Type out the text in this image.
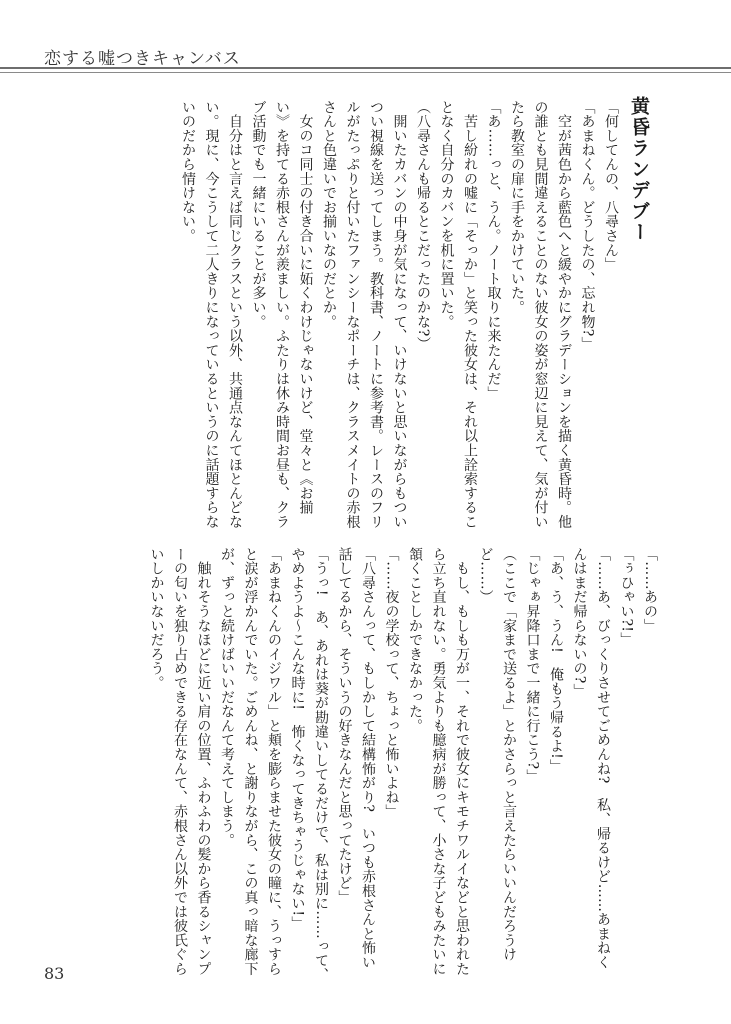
恋する嘘つきキャンバス
黄昏ランデブー

「何してんの、八尋さん」

「あまねくん。どうしたの、忘れ物?」

　空が茜色から藍色へと緩やかにグラデーションを描く黄昏時。他

の誰とも見間違えることのない彼女の姿が窓辺に見えて、気が付い

たら教室の扉に手をかけていた。

「あ……っと、うん。ノート取りに来たんだ」

　苦し紛れの嘘に「そっか」と笑った彼女は、それ以上詮索するこ

となく自分のカバンを机に置いた。

（八尋さんも帰るとこだったのかな?）

　開いたカバンの中身が気になって、いけないと思いながらもつい

つい視線を送ってしまう。教科書、ノートに参考書。レースのフリ

ルがたっぷりと付いたファンシーなポーチは、クラスメイトの赤根

さんと色違いでお揃いなのだとか。

　女のコ同士の付き合いに妬くわけじゃないけど、堂々と《お揃

い》を持てる赤根さんが羨ましい。ふたりは休み時間お昼も、クラ

ブ活動でも一緒にいることが多い。

　自分はと言えば同じクラスという以外、共通点なんてほとんどな

い。現に、今こうして二人きりになっているというのに話題すらな

いのだから情けない。

「……あの」

「ぅひゃい?!」

「……あ、びっくりさせてごめんね?　私、帰るけど……あまねく

んはまだ帰らないの?」

「あ、う、うん!　俺もう帰るよ!」

「じゃぁ昇降口まで一緒に行こう?」

（ここで「家まで送るよ」とかさらっと言えたらいいんだろうけ

ど……）

　もし、もしも万が一、それで彼女にキモチワルイなどと思われた

ら立ち直れない。勇気よりも臆病が勝って、小さな子どもみたいに

頷くことしかできなかった。

「……夜の学校って、ちょっと怖いよね」

「八尋さんって、もしかして結構怖がり?　いつも赤根さんと怖い

話してるから、そういうの好きなんだと思ってたけど」

「うっ!　あ、あれは葵が勘違いしてるだけで、私は別に……って、

やめようよ～こんな時に!　怖くなってきちゃうじゃない!」

「あまねくんのイジワル」と頬を膨らませた彼女の瞳に、うっすら

と涙が浮かんでいた。ごめんね、と謝りながら、この真っ暗な廊下

が、ずっと続けばいいだなんて考えてしまう。

　触れそうなほどに近い肩の位置、ふわふわの髪から香るシャンプ

ーの匂いを独り占めできる存在なんて、赤根さん以外では彼氏ぐら

いしかいないだろう。

83
